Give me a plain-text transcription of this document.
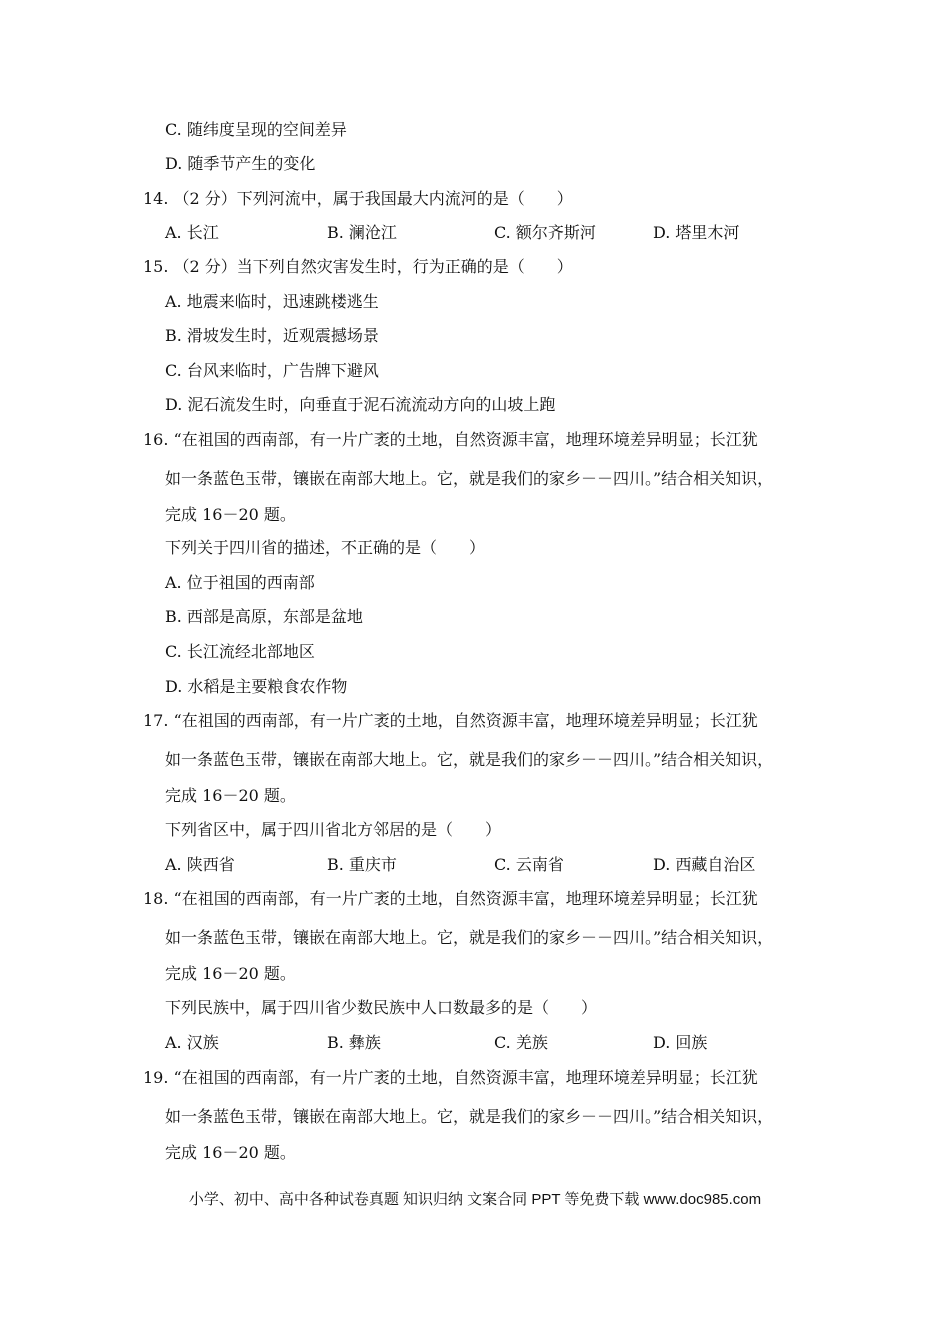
C. 随纬度呈现的空间差异
D. 随季节产生的变化
14. （2 分）下列河流中，属于我国最大内流河的是（　　）
A. 长江	B. 澜沧江	C. 额尔齐斯河	D. 塔里木河
15. （2 分）当下列自然灾害发生时，行为正确的是（　　）
A. 地震来临时，迅速跳楼逃生
B. 滑坡发生时，近观震撼场景
C. 台风来临时，广告牌下避风
D. 泥石流发生时，向垂直于泥石流流动方向的山坡上跑
16. “在祖国的西南部，有一片广袤的土地，自然资源丰富，地理环境差异明显；长江犹
如一条蓝色玉带，镶嵌在南部大地上。它，就是我们的家乡－－四川。”结合相关知识，
完成 16－20 题。
下列关于四川省的描述，不正确的是（　　）
A. 位于祖国的西南部
B. 西部是高原，东部是盆地
C. 长江流经北部地区
D. 水稻是主要粮食农作物
17. “在祖国的西南部，有一片广袤的土地，自然资源丰富，地理环境差异明显；长江犹
如一条蓝色玉带，镶嵌在南部大地上。它，就是我们的家乡－－四川。”结合相关知识，
完成 16－20 题。
下列省区中，属于四川省北方邻居的是（　　）
A. 陕西省	B. 重庆市	C. 云南省	D. 西藏自治区
18. “在祖国的西南部，有一片广袤的土地，自然资源丰富，地理环境差异明显；长江犹
如一条蓝色玉带，镶嵌在南部大地上。它，就是我们的家乡－－四川。”结合相关知识，
完成 16－20 题。
下列民族中，属于四川省少数民族中人口数最多的是（　　）
A. 汉族	B. 彝族	C. 羌族	D. 回族
19. “在祖国的西南部，有一片广袤的土地，自然资源丰富，地理环境差异明显；长江犹
如一条蓝色玉带，镶嵌在南部大地上。它，就是我们的家乡－－四川。”结合相关知识，
完成 16－20 题。
小学、初中、高中各种试卷真题 知识归纳 文案合同 PPT 等免费下载 www.doc985.com
